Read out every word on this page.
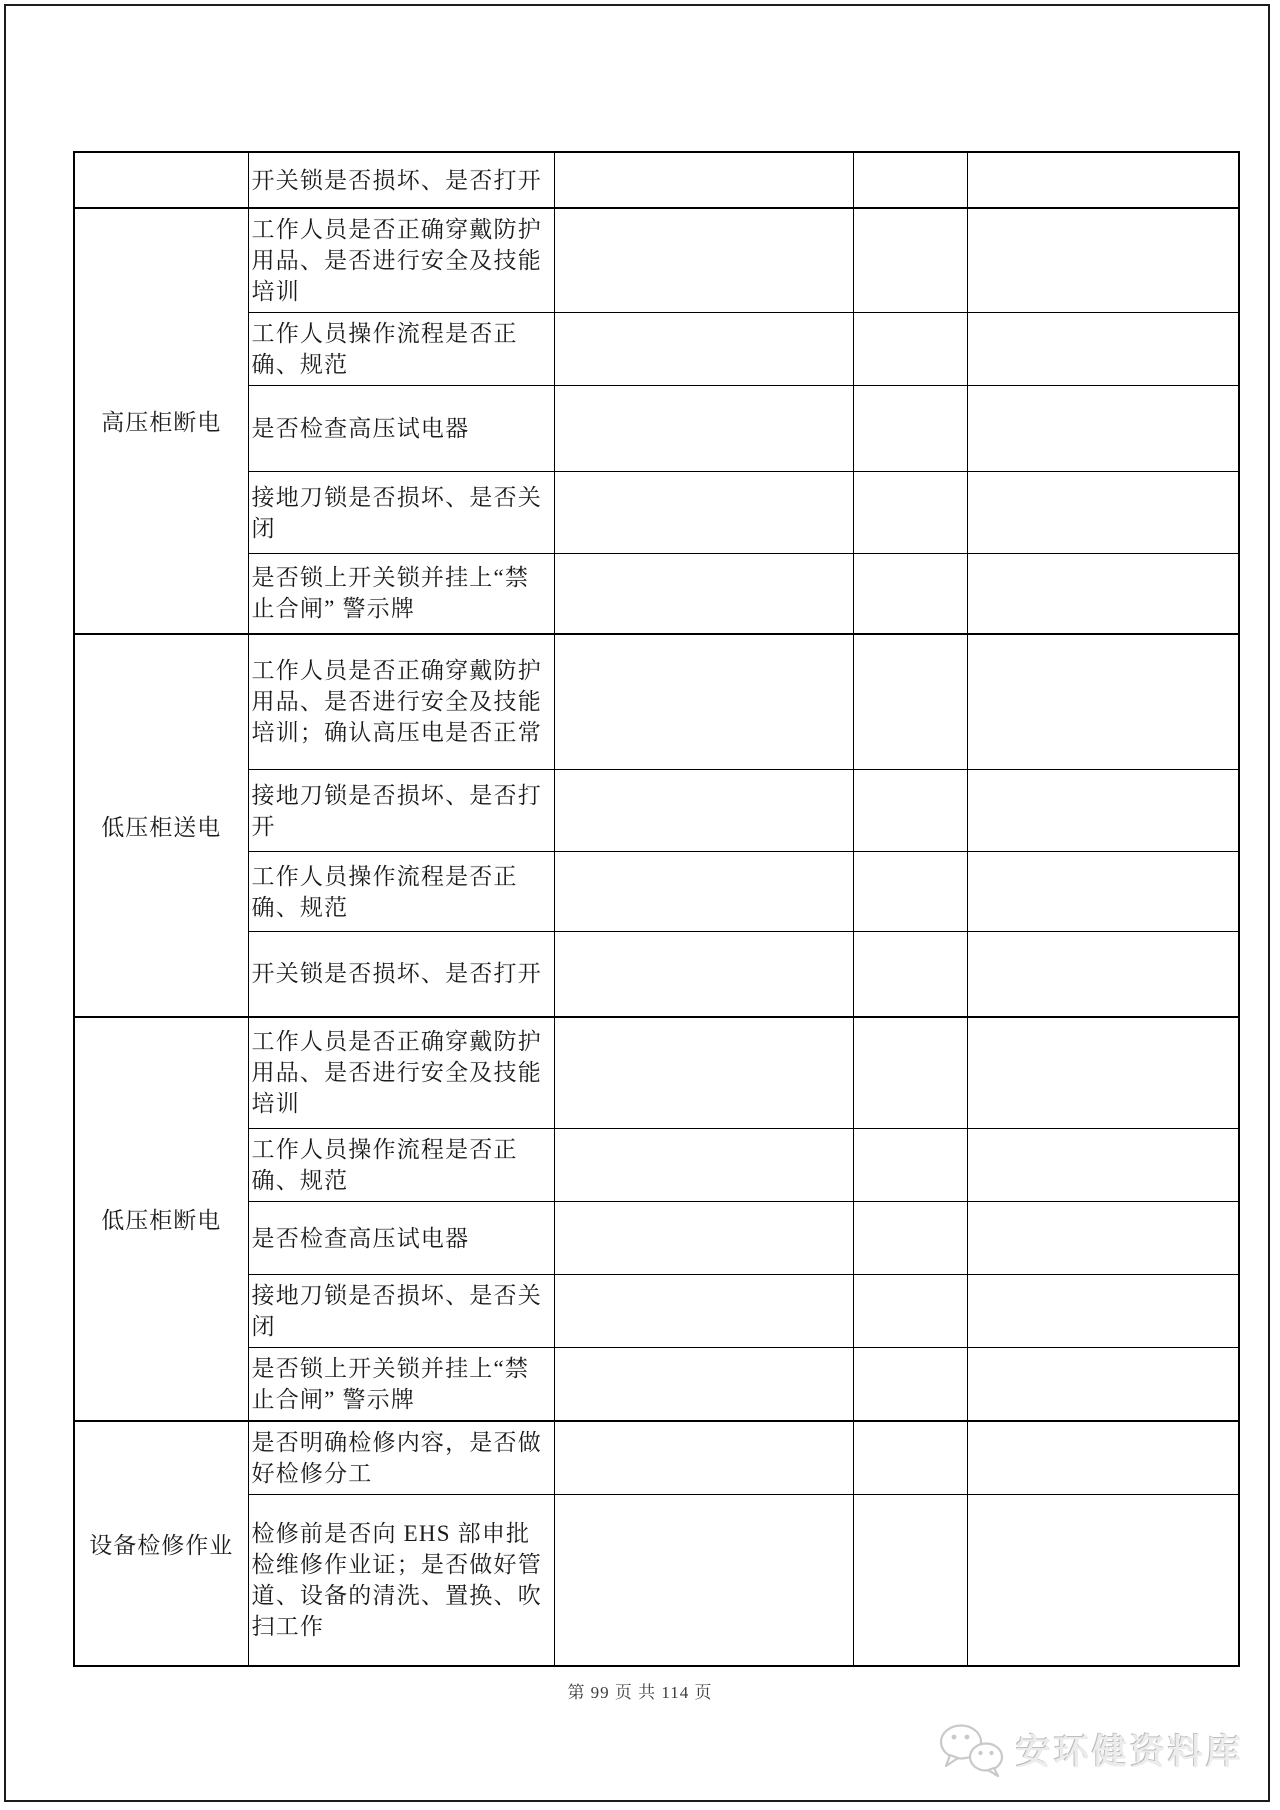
	开关锁是否损坏、是否打开			
高压柜断电	工作人员是否正确穿戴防护用品、是否进行安全及技能培训			
	工作人员操作流程是否正确、规范			
	是否检查高压试电器			
	接地刀锁是否损坏、是否关闭			
	是否锁上开关锁并挂上“禁止合闸” 警示牌			
低压柜送电	工作人员是否正确穿戴防护用品、是否进行安全及技能培训；确认高压电是否正常			
	接地刀锁是否损坏、是否打开			
	工作人员操作流程是否正确、规范			
	开关锁是否损坏、是否打开			
低压柜断电	工作人员是否正确穿戴防护用品、是否进行安全及技能培训			
	工作人员操作流程是否正确、规范			
	是否检查高压试电器			
	接地刀锁是否损坏、是否关闭			
	是否锁上开关锁并挂上“禁止合闸” 警示牌			
设备检修作业	是否明确检修内容，是否做好检修分工			
	检修前是否向 EHS 部申批检维修作业证；是否做好管道、设备的清洗、置换、吹扫工作			
第 99 页 共 114 页
安环健资料库
